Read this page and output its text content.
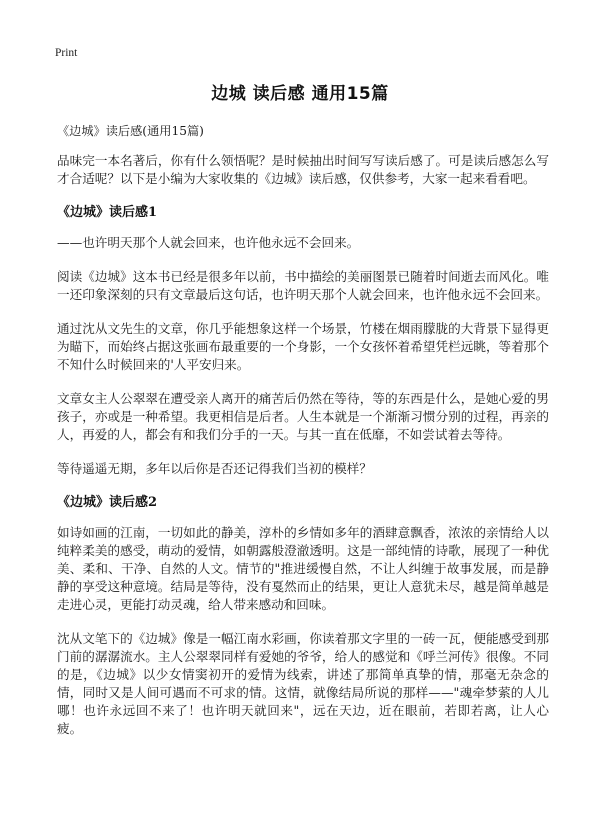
Print
边城 读后感 通用15篇

《边城》读后感(通用15篇)

品味完一本名著后，你有什么领悟呢？是时候抽出时间写写读后感了。可是读后感怎么写才合适呢？以下是小编为大家收集的《边城》读后感，仅供参考，大家一起来看看吧。

《边城》读后感1

——也许明天那个人就会回来，也许他永远不会回来。

阅读《边城》这本书已经是很多年以前，书中描绘的美丽图景已随着时间逝去而风化。唯一还印象深刻的只有文章最后这句话，也许明天那个人就会回来，也许他永远不会回来。

通过沈从文先生的文章，你几乎能想象这样一个场景，竹楼在烟雨朦胧的大背景下显得更为瞄下，而始终占据这张画布最重要的一个身影，一个女孩怀着希望凭栏远眺，等着那个不知什么时候回来的'人平安归来。

文章女主人公翠翠在遭受亲人离开的痛苦后仍然在等待，等的东西是什么，是她心爱的男孩子，亦或是一种希望。我更相信是后者。人生本就是一个渐渐习惯分别的过程，再亲的人，再爱的人，都会有和我们分手的一天。与其一直在低靡，不如尝试着去等待。

等待遥遥无期，多年以后你是否还记得我们当初的模样？

《边城》读后感2

如诗如画的江南，一切如此的静美，淳朴的乡情如多年的酒肆意飘香，浓浓的亲情给人以纯粹柔美的感受，萌动的爱情，如朝露般澄澈透明。这是一部纯情的诗歌，展现了一种优美、柔和、干净、自然的人文。情节的"推进缓慢自然，不让人纠缠于故事发展，而是静静的享受这种意境。结局是等待，没有戛然而止的结果，更让人意犹未尽，越是简单越是走进心灵，更能打动灵魂，给人带来感动和回味。

沈从文笔下的《边城》像是一幅江南水彩画，你读着那文字里的一砖一瓦，便能感受到那门前的潺潺流水。主人公翠翠同样有爱她的爷爷，给人的感觉和《呼兰河传》很像。不同的是，《边城》以少女情窦初开的爱情为线索，讲述了那简单真挚的情，那毫无杂念的情，同时又是人间可遇而不可求的情。这情，就像结局所说的那样——"魂牵梦萦的人儿哪！也许永远回不来了！也许明天就回来"，远在天边，近在眼前，若即若离，让人心疲。
